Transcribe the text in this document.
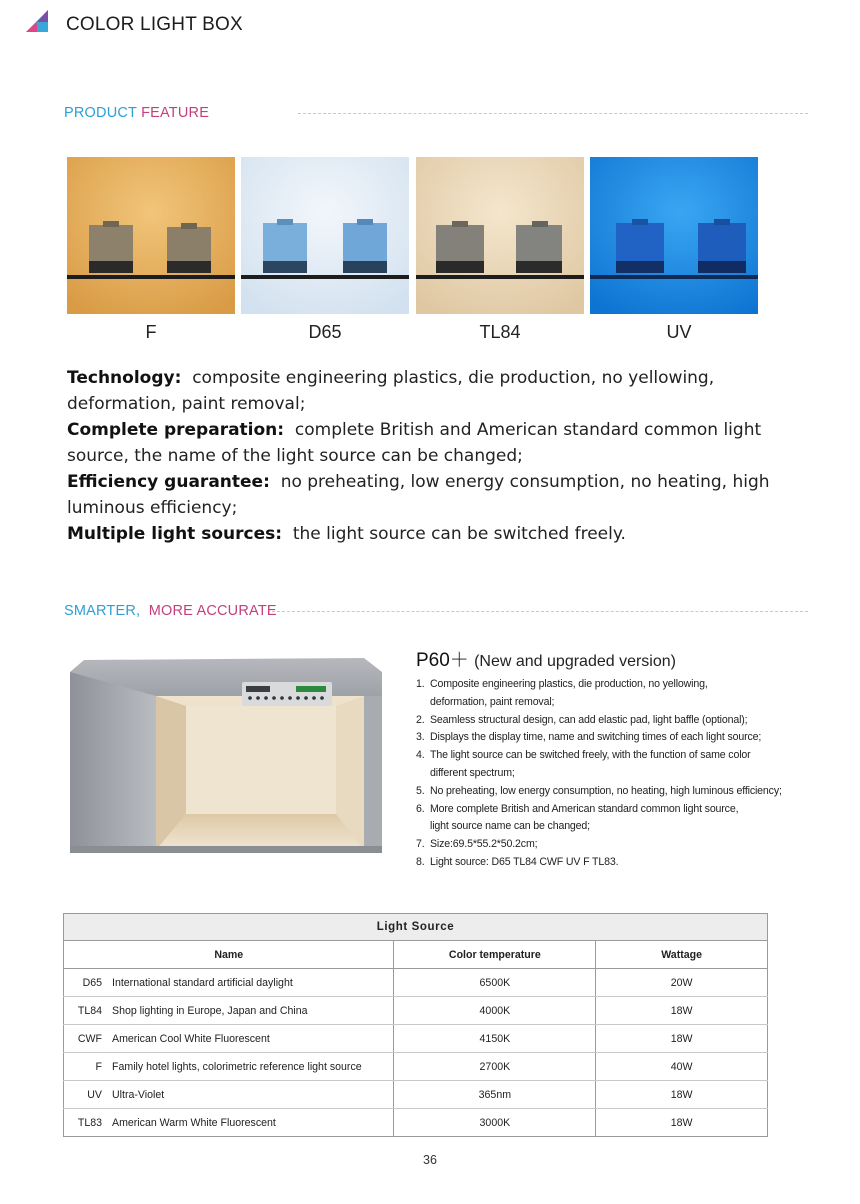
COLOR LIGHT BOX
PRODUCT FEATURE
F	D65	TL84	UV

Technology: composite engineering plastics, die production, no yellowing, deformation, paint removal;

Complete preparation: complete British and American standard common light source, the name of the light source can be changed;

Efficiency guarantee: no preheating, low energy consumption, no heating, high luminous efficiency;

Multiple light sources: the light source can be switched freely.

SMARTER, MORE ACCURATE
P60＋ (New and upgraded version)
1. Composite engineering plastics, die production, no yellowing,
deformation, paint removal;
2. Seamless structural design, can add elastic pad, light baffle (optional);
3. Displays the display time, name and switching times of each light source;
4. The light source can be switched freely, with the function of same color
different spectrum;
5. No preheating, low energy consumption, no heating, high luminous efficiency;
6. More complete British and American standard common light source,
light source name can be changed;
7. Size:69.5*55.2*50.2cm;
8. Light source: D65 TL84 CWF UV F TL83.
Light Source		
Name	Color temperature	Wattage
D65 International standard artificial daylight	6500K	20W
TL84 Shop lighting in Europe, Japan and China	4000K	18W
CWF American Cool White Fluorescent	4150K	18W
F Family hotel lights, colorimetric reference light source	2700K	40W
UV Ultra-Violet	365nm	18W
TL83 American Warm White Fluorescent	3000K	18W
36
